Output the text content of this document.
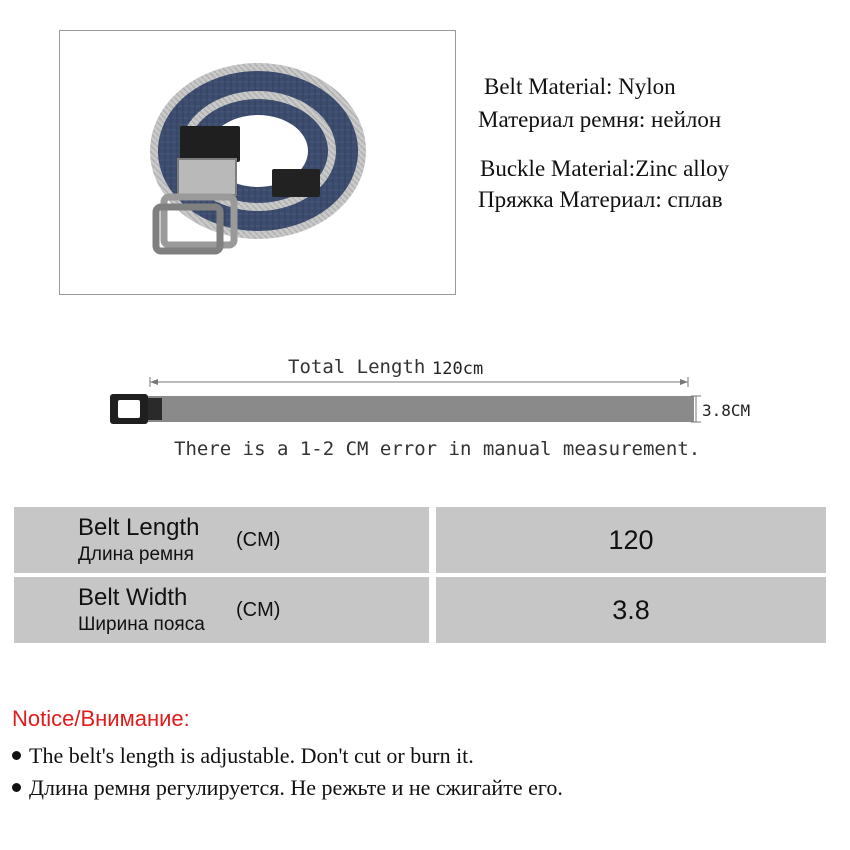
Belt Material: Nylon
Материал ремня: нейлон
Buckle Material:Zinc alloy
Пряжка Материал: сплав
Total Length 120cm
3.8CM
There is a 1-2 CM error in manual measurement.
Belt Length
Длина ремня
(CM)	120
Belt Width
Ширина пояса
(CM)	3.8
Notice/Внимание:
The belt's length is adjustable. Don't cut or burn it.
Длина ремня регулируется. Не режьте и не сжигайте его.
